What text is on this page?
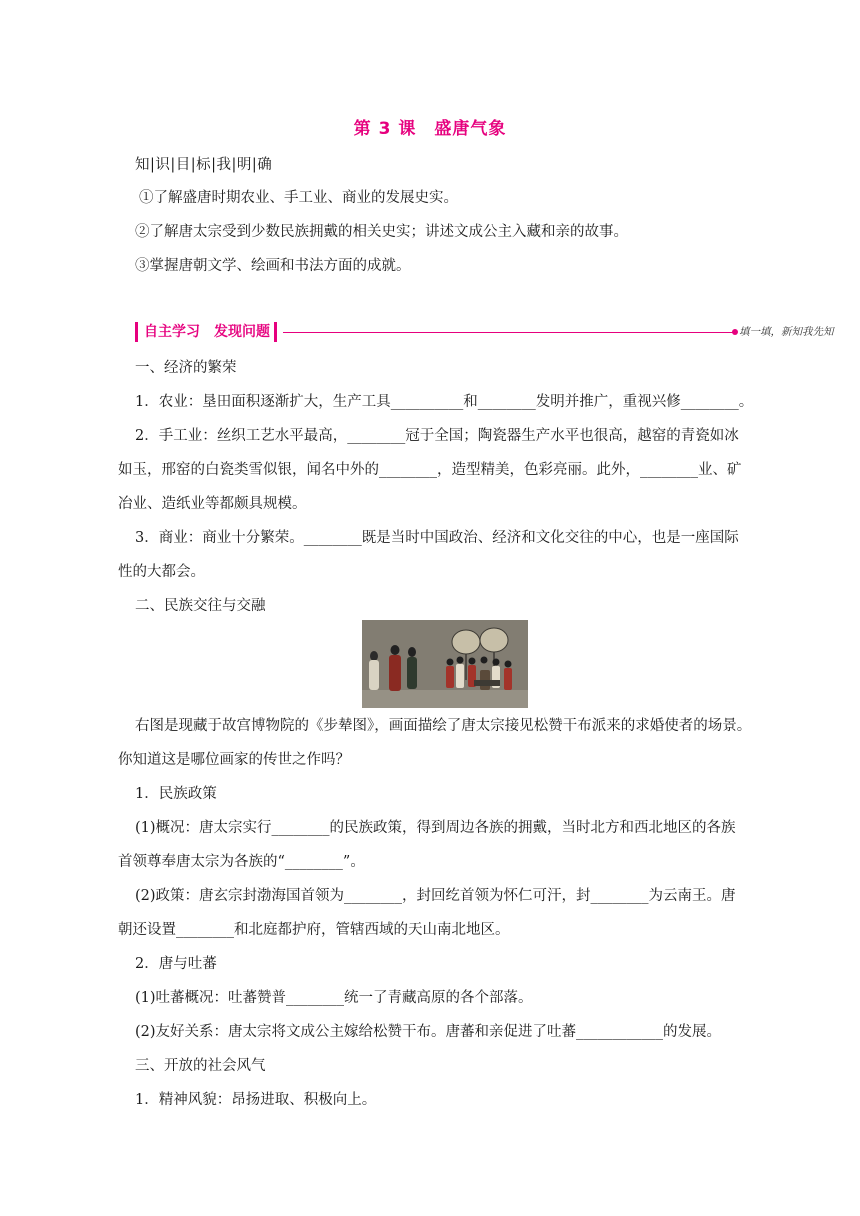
第 3 课　盛唐气象
知|识|目|标|我|明|确
①了解盛唐时期农业、手工业、商业的发展史实。
②了解唐太宗受到少数民族拥戴的相关史实；讲述文成公主入藏和亲的故事。
③掌握唐朝文学、绘画和书法方面的成就。
自主学习　发现问题	填一填，新知我先知
一、经济的繁荣
1．农业：垦田面积逐渐扩大，生产工具__________和________发明并推广，重视兴修________。
2．手工业：丝织工艺水平最高，________冠于全国；陶瓷器生产水平也很高，越窑的青瓷如冰
如玉，邢窑的白瓷类雪似银，闻名中外的________，造型精美，色彩亮丽。此外，________业、矿
冶业、造纸业等都颇具规模。
3．商业：商业十分繁荣。________既是当时中国政治、经济和文化交往的中心，也是一座国际
性的大都会。
二、民族交往与交融
右图是现藏于故宫博物院的《步辇图》，画面描绘了唐太宗接见松赞干布派来的求婚使者的场景。
你知道这是哪位画家的传世之作吗？
1．民族政策
(1)概况：唐太宗实行________的民族政策，得到周边各族的拥戴，当时北方和西北地区的各族
首领尊奉唐太宗为各族的“________”。
(2)政策：唐玄宗封渤海国首领为________，封回纥首领为怀仁可汗，封________为云南王。唐
朝还设置________和北庭都护府，管辖西域的天山南北地区。
2．唐与吐蕃
(1)吐蕃概况：吐蕃赞普________统一了青藏高原的各个部落。
(2)友好关系：唐太宗将文成公主嫁给松赞干布。唐蕃和亲促进了吐蕃____________的发展。
三、开放的社会风气
1．精神风貌：昂扬进取、积极向上。
